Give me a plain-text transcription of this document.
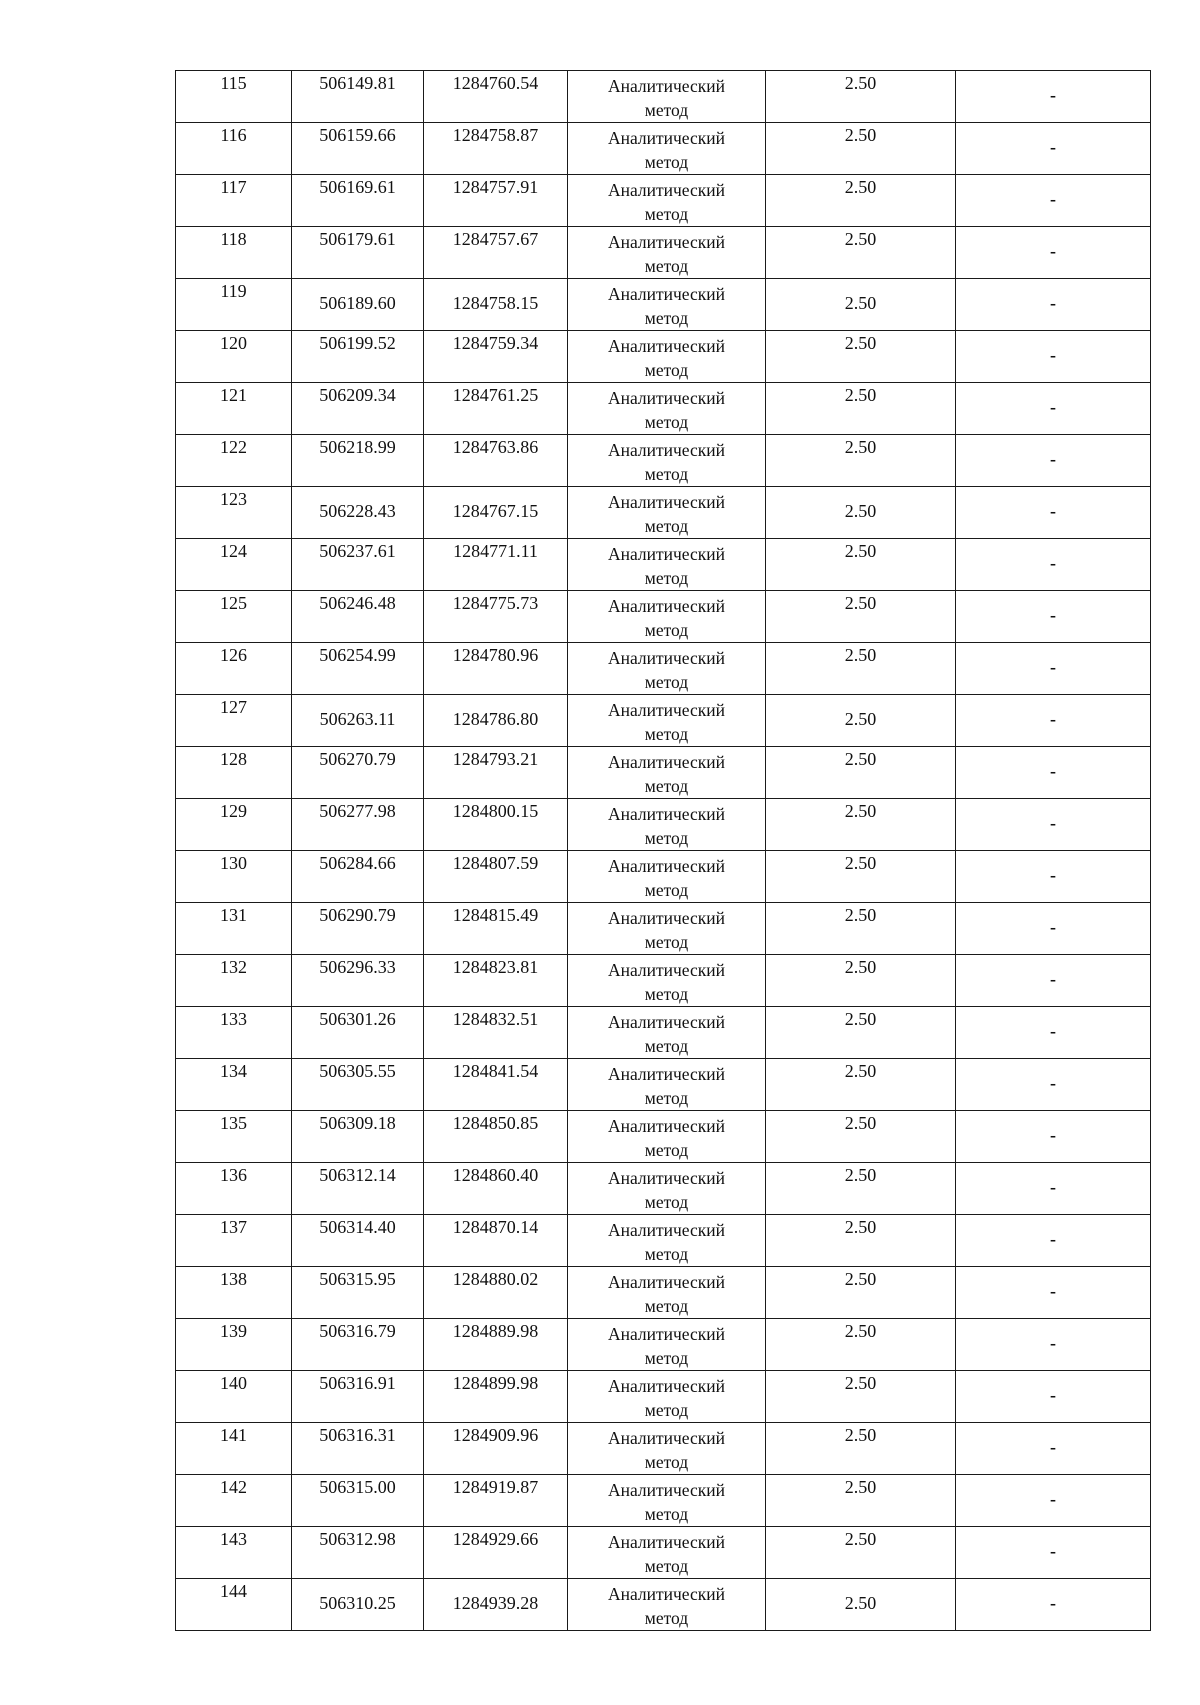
115	506149.81	1284760.54	Аналитический
метод	2.50	-

116	506159.66	1284758.87	Аналитический
метод	2.50	-

117	506169.61	1284757.91	Аналитический
метод	2.50	-

118	506179.61	1284757.67	Аналитический
метод	2.50	-

119	506189.60	1284758.15	Аналитический
метод	2.50	-

120	506199.52	1284759.34	Аналитический
метод	2.50	-

121	506209.34	1284761.25	Аналитический
метод	2.50	-

122	506218.99	1284763.86	Аналитический
метод	2.50	-

123	506228.43	1284767.15	Аналитический
метод	2.50	-

124	506237.61	1284771.11	Аналитический
метод	2.50	-

125	506246.48	1284775.73	Аналитический
метод	2.50	-

126	506254.99	1284780.96	Аналитический
метод	2.50	-

127	506263.11	1284786.80	Аналитический
метод	2.50	-

128	506270.79	1284793.21	Аналитический
метод	2.50	-

129	506277.98	1284800.15	Аналитический
метод	2.50	-

130	506284.66	1284807.59	Аналитический
метод	2.50	-

131	506290.79	1284815.49	Аналитический
метод	2.50	-

132	506296.33	1284823.81	Аналитический
метод	2.50	-

133	506301.26	1284832.51	Аналитический
метод	2.50	-

134	506305.55	1284841.54	Аналитический
метод	2.50	-

135	506309.18	1284850.85	Аналитический
метод	2.50	-

136	506312.14	1284860.40	Аналитический
метод	2.50	-

137	506314.40	1284870.14	Аналитический
метод	2.50	-

138	506315.95	1284880.02	Аналитический
метод	2.50	-

139	506316.79	1284889.98	Аналитический
метод	2.50	-

140	506316.91	1284899.98	Аналитический
метод	2.50	-

141	506316.31	1284909.96	Аналитический
метод	2.50	-

142	506315.00	1284919.87	Аналитический
метод	2.50	-

143	506312.98	1284929.66	Аналитический
метод	2.50	-

144	506310.25	1284939.28	Аналитический
метод	2.50	-
